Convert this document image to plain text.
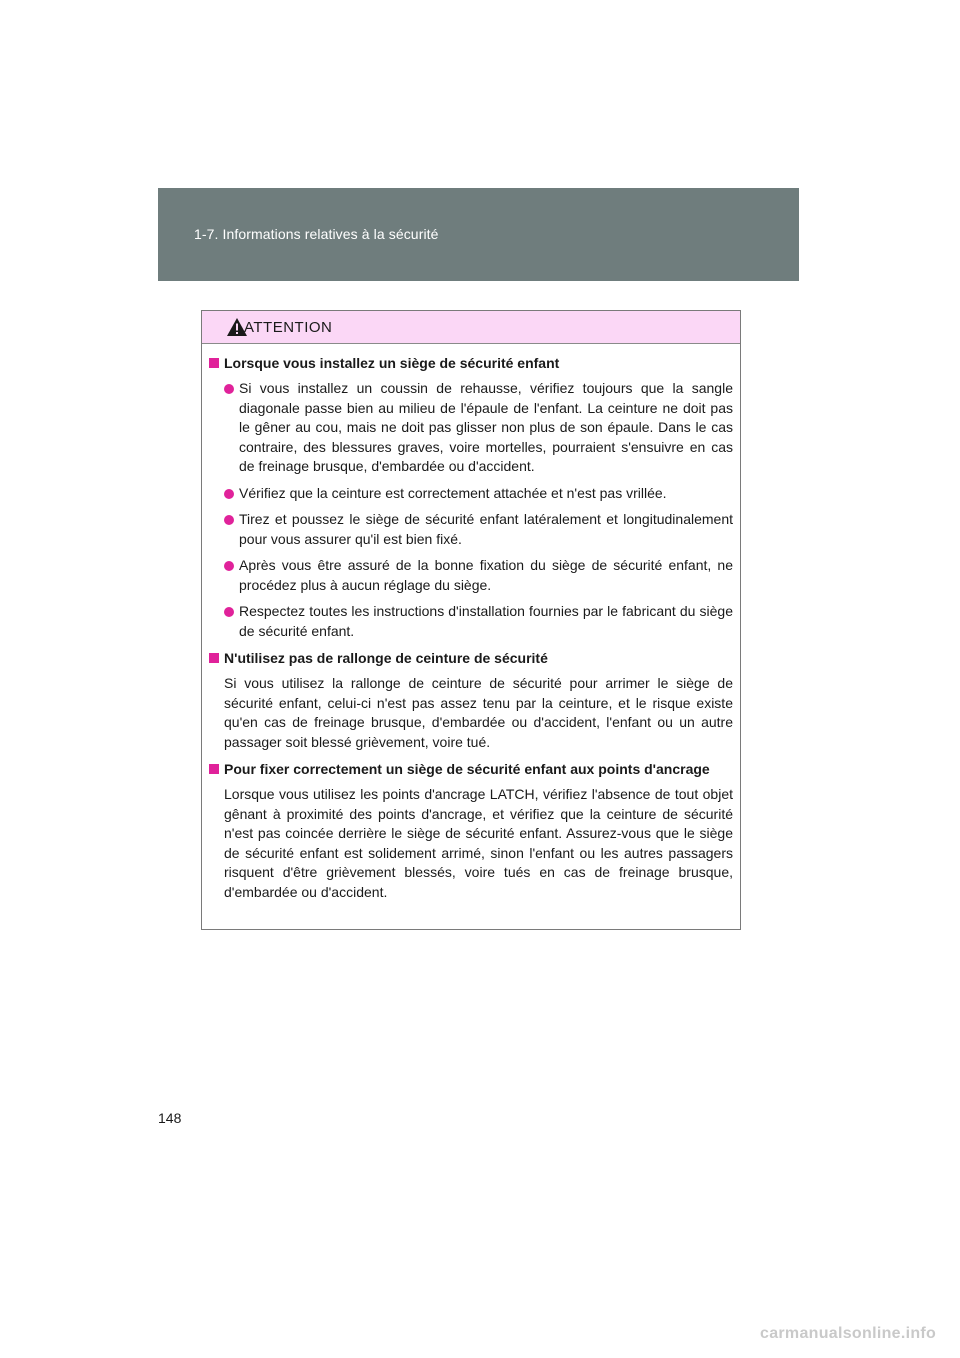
1-7. Informations relatives à la sécurité
ATTENTION
Lorsque vous installez un siège de sécurité enfant
Si vous installez un coussin de rehausse, vérifiez toujours que la sangle diagonale passe bien au milieu de l'épaule de l'enfant. La ceinture ne doit pas le gêner au cou, mais ne doit pas glisser non plus de son épaule. Dans le cas contraire, des blessures graves, voire mortelles, pourraient s'ensuivre en cas de freinage brusque, d'embardée ou d'accident.
Vérifiez que la ceinture est correctement attachée et n'est pas vrillée.
Tirez et poussez le siège de sécurité enfant latéralement et longitudinalement pour vous assurer qu'il est bien fixé.
Après vous être assuré de la bonne fixation du siège de sécurité enfant, ne procédez plus à aucun réglage du siège.
Respectez toutes les instructions d'installation fournies par le fabricant du siège de sécurité enfant.
N'utilisez pas de rallonge de ceinture de sécurité
Si vous utilisez la rallonge de ceinture de sécurité pour arrimer le siège de sécurité enfant, celui-ci n'est pas assez tenu par la ceinture, et le risque existe qu'en cas de freinage brusque, d'embardée ou d'accident, l'enfant ou un autre passager soit blessé grièvement, voire tué.
Pour fixer correctement un siège de sécurité enfant aux points d'ancrage
Lorsque vous utilisez les points d'ancrage LATCH, vérifiez l'absence de tout objet gênant à proximité des points d'ancrage, et vérifiez que la ceinture de sécurité n'est pas coincée derrière le siège de sécurité enfant. Assurez-vous que le siège de sécurité enfant est solidement arrimé, sinon l'enfant ou les autres passagers risquent d'être grièvement blessés, voire tués en cas de freinage brusque, d'embardée ou d'accident.
148
carmanualsonline.info
